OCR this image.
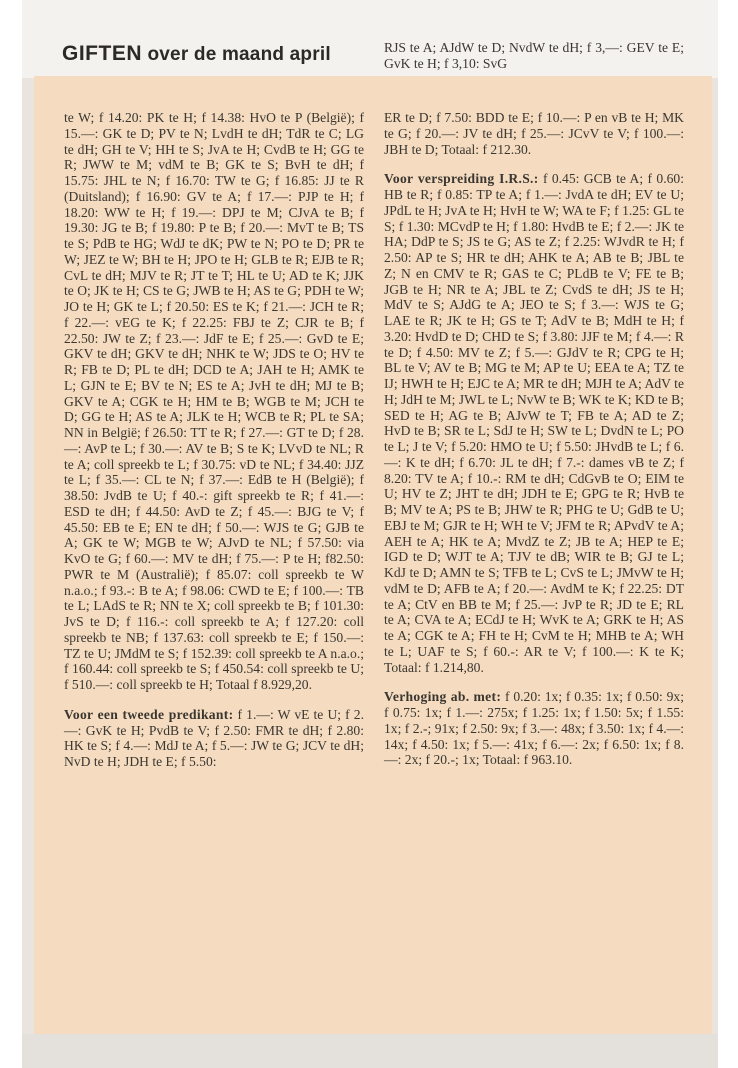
GIFTEN over de maand april	RJS te A; AJdW te D; NvdW te dH; f 3,—: GEV te E; GvK te H; f 3,10: SvG

te W; f 14.20: PK te H; f 14.38: HvO te P (België); f 15.—: GK te D; PV te N; LvdH te dH; TdR te C; LG te dH; GH te V; HH te S; JvA te H; CvdB te H; GG te R; JWW te M; vdM te B; GK te S; BvH te dH; f 15.75: JHL te N; f 16.70: TW te G; f 16.85: JJ te R (Duitsland); f 16.90: GV te A; f 17.—: PJP te H; f 18.20: WW te H; f 19.—: DPJ te M; CJvA te B; f 19.30: JG te B; f 19.80: P te B; f 20.—: MvT te B; TS te S; PdB te HG; WdJ te dK; PW te N; PO te D; PR te W; JEZ te W; BH te H; JPO te H; GLB te R; EJB te R; CvL te dH; MJV te R; JT te T; HL te U; AD te K; JJK te O; JK te H; CS te G; JWB te H; AS te G; PDH te W; JO te H; GK te L; f 20.50: ES te K; f 21.—: JCH te R; f 22.—: vEG te K; f 22.25: FBJ te Z; CJR te B; f 22.50: JW te Z; f 23.—: JdF te E; f 25.—: GvD te E; GKV te dH; GKV te dH; NHK te W; JDS te O; HV te R; FB te D; PL te dH; DCD te A; JAH te H; AMK te L; GJN te E; BV te N; ES te A; JvH te dH; MJ te B; GKV te A; CGK te H; HM te B; WGB te M; JCH te D; GG te H; AS te A; JLK te H; WCB te R; PL te SA; NN in België; f 26.50: TT te R; f 27.—: GT te D; f 28.—: AvP te L; f 30.—: AV te B; S te K; LVvD te NL; R te A; coll spreekb te L; f 30.75: vD te NL; f 34.40: JJZ te L; f 35.—: CL te N; f 37.—: EdB te H (België); f 38.50: JvdB te U; f 40.-: gift spreekb te R; f 41.—: ESD te dH; f 44.50: AvD te Z; f 45.—: BJG te V; f 45.50: EB te E; EN te dH; f 50.—: WJS te G; GJB te A; GK te W; MGB te W; AJvD te NL; f 57.50: via KvO te G; f 60.—: MV te dH; f 75.—: P te H; f82.50: PWR te M (Australië); f 85.07: coll spreekb te W n.a.o.; f 93.-: B te A; f 98.06: CWD te E; f 100.—: TB te L; LAdS te R; NN te X; coll spreekb te B; f 101.30: JvS te D; f 116.-: coll spreekb te A; f 127.20: coll spreekb te NB; f 137.63: coll spreekb te E; f 150.—: TZ te U; JMdM te S; f 152.39: coll spreekb te A n.a.o.; f 160.44: coll spreekb te S; f 450.54: coll spreekb te U; f 510.—: coll spreekb te H; Totaal f 8.929,20.

Voor een tweede predikant: f 1.—: W vE te U; f 2.—: GvK te H; PvdB te V; f 2.50: FMR te dH; f 2.80: HK te S; f 4.—: MdJ te A; f 5.—: JW te G; JCV te dH; NvD te H; JDH te E; f 5.50:

ER te D; f 7.50: BDD te E; f 10.—: P en vB te H; MK te G; f 20.—: JV te dH; f 25.—: JCvV te V; f 100.—: JBH te D; Totaal: f 212.30.

Voor verspreiding I.R.S.: f 0.45: GCB te A; f 0.60: HB te R; f 0.85: TP te A; f 1.—: JvdA te dH; EV te U; JPdL te H; JvA te H; HvH te W; WA te F; f 1.25: GL te S; f 1.30: MCvdP te H; f 1.80: HvdB te E; f 2.—: JK te HA; DdP te S; JS te G; AS te Z; f 2.25: WJvdR te H; f 2.50: AP te S; HR te dH; AHK te A; AB te B; JBL te Z; N en CMV te R; GAS te C; PLdB te V; FE te B; JGB te H; NR te A; JBL te Z; CvdS te dH; JS te H; MdV te S; AJdG te A; JEO te S; f 3.—: WJS te G; LAE te R; JK te H; GS te T; AdV te B; MdH te H; f 3.20: HvdD te D; CHD te S; f 3.80: JJF te M; f 4.—: R te D; f 4.50: MV te Z; f 5.—: GJdV te R; CPG te H; BL te V; AV te B; MG te M; AP te U; EEA te A; TZ te IJ; HWH te H; EJC te A; MR te dH; MJH te A; AdV te H; JdH te M; JWL te L; NvW te B; WK te K; KD te B; SED te H; AG te B; AJvW te T; FB te A; AD te Z; HvD te B; SR te L; SdJ te H; SW te L; DvdN te L; PO te L; J te V; f 5.20: HMO te U; f 5.50: JHvdB te L; f 6.—: K te dH; f 6.70: JL te dH; f 7.-: dames vB te Z; f 8.20: TV te A; f 10.-: RM te dH; CdGvB te O; EIM te U; HV te Z; JHT te dH; JDH te E; GPG te R; HvB te B; MV te A; PS te B; JHW te R; PHG te U; GdB te U; EBJ te M; GJR te H; WH te V; JFM te R; APvdV te A; AEH te A; HK te A; MvdZ te Z; JB te A; HEP te E; IGD te D; WJT te A; TJV te dB; WIR te B; GJ te L; KdJ te D; AMN te S; TFB te L; CvS te L; JMvW te H; vdM te D; AFB te A; f 20.—: AvdM te K; f 22.25: DT te A; CtV en BB te M; f 25.—: JvP te R; JD te E; RL te A; CVA te A; ECdJ te H; WvK te A; GRK te H; AS te A; CGK te A; FH te H; CvM te H; MHB te A; WH te L; UAF te S; f 60.-: AR te V; f 100.—: K te K; Totaal: f 1.214,80.

Verhoging ab. met: f 0.20: 1x; f 0.35: 1x; f 0.50: 9x; f 0.75: 1x; f 1.—: 275x; f 1.25: 1x; f 1.50: 5x; f 1.55: 1x; f 2.-; 91x; f 2.50: 9x; f 3.—: 48x; f 3.50: 1x; f 4.—: 14x; f 4.50: 1x; f 5.—: 41x; f 6.—: 2x; f 6.50: 1x; f 8.—: 2x; f 20.-; 1x; Totaal: f 963.10.
